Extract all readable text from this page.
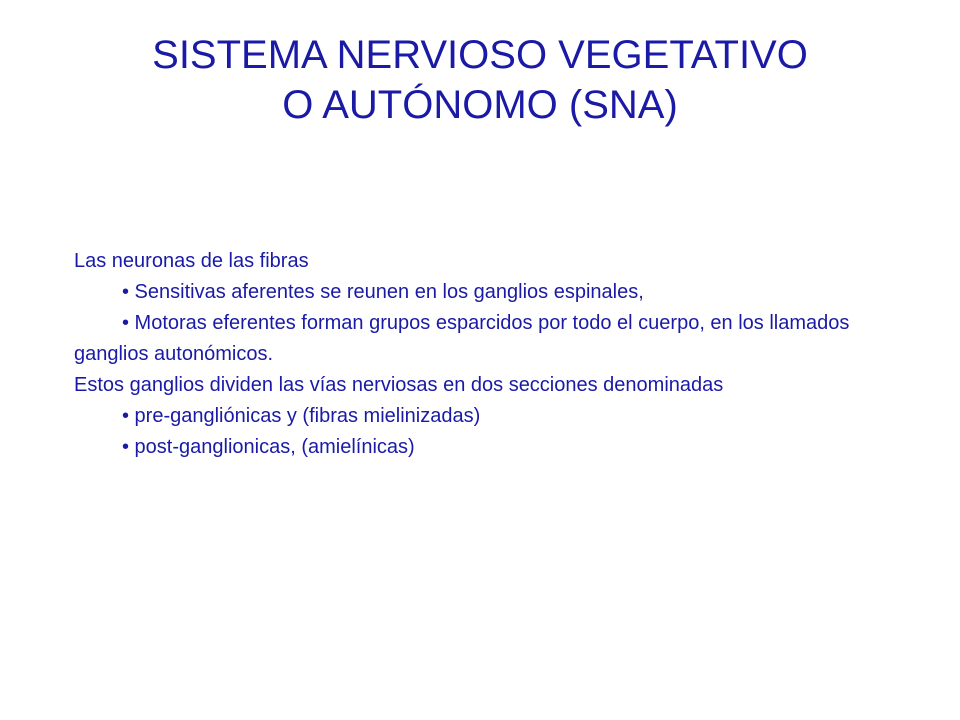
SISTEMA NERVIOSO VEGETATIVO
O AUTÓNOMO (SNA)

Las neuronas de las fibras

• Sensitivas aferentes se reunen en los ganglios espinales,

• Motoras eferentes forman grupos esparcidos por todo el cuerpo, en los llamados ganglios autonómicos.

Estos ganglios dividen las vías nerviosas en dos secciones denominadas

• pre-gangliónicas y (fibras mielinizadas)

• post-ganglionicas, (amielínicas)
